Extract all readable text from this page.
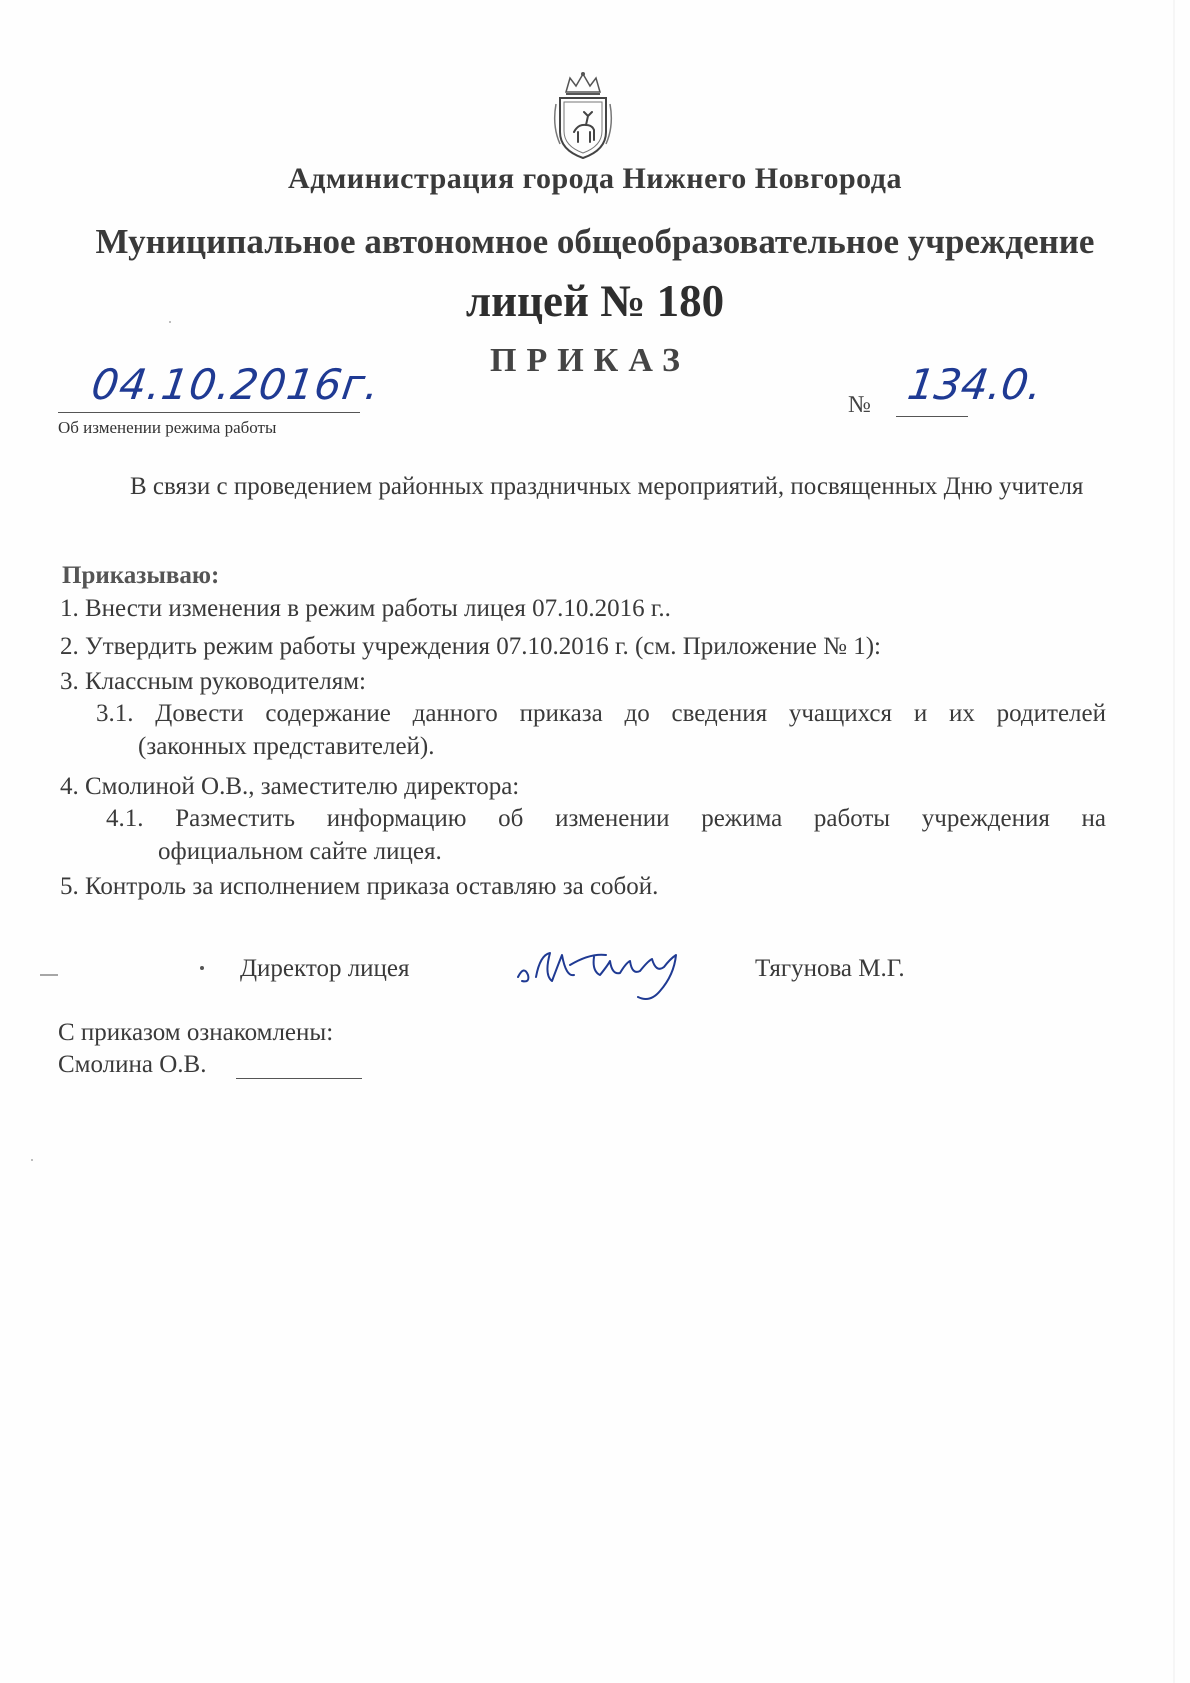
Администрация города Нижнего Новгорода
Муниципальное автономное общеобразовательное учреждение
лицей № 180
ПРИКАЗ
04.10.2016г.
Об изменении режима работы
№ 134.0.
В связи с проведением районных праздничных мероприятий, посвященных Дню учителя
Приказываю:
1. Внести изменения в режим работы лицея 07.10.2016 г..
2. Утвердить режим работы учреждения 07.10.2016 г. (см. Приложение № 1):
3. Классным руководителям:
3.1. Довести содержание данного приказа до сведения учащихся и их родителей
(законных представителей).
4. Смолиной О.В., заместителю директора:
4.1. Разместить информацию об изменении режима работы учреждения на
официальном сайте лицея.
5. Контроль за исполнением приказа оставляю за собой.
Директор лицея	Тягунова М.Г.
С приказом ознакомлены:
Смолина О.В.
